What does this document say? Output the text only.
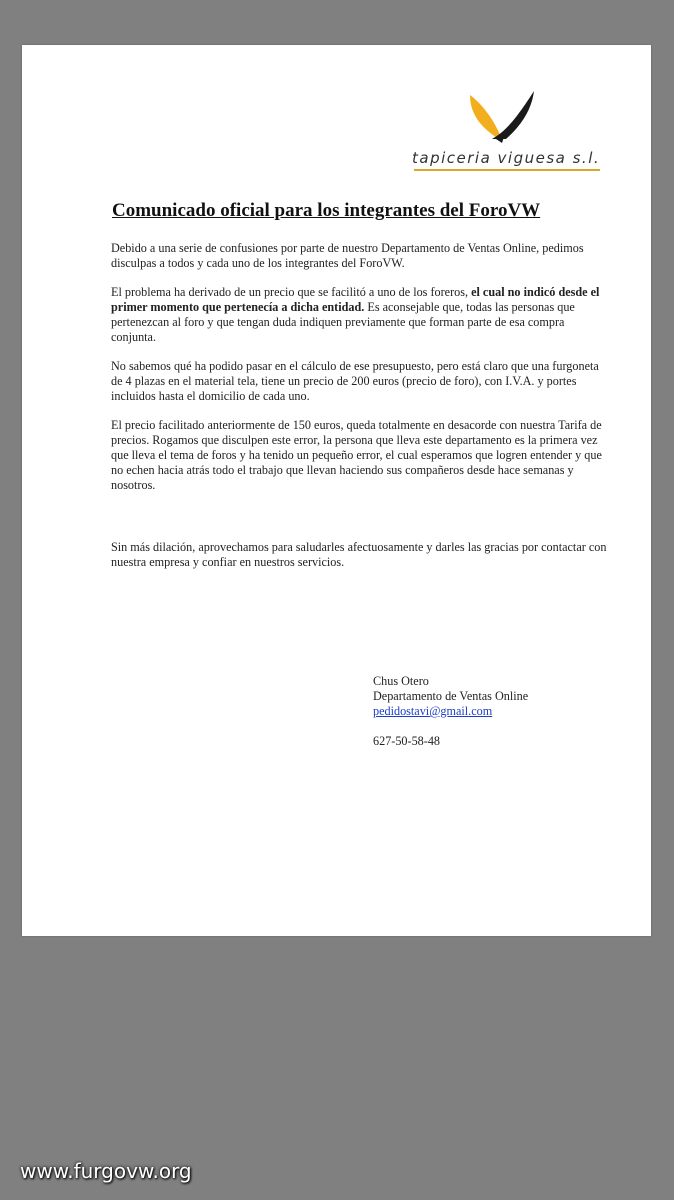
tapiceria viguesa s.l.
Comunicado oficial para los integrantes del ForoVW

Debido a una serie de confusiones por parte de nuestro Departamento de Ventas Online, pedimos disculpas a todos y cada uno de los integrantes del ForoVW.

El problema ha derivado de un precio que se facilitó a uno de los foreros, el cual no indicó desde el primer momento que pertenecía a dicha entidad. Es aconsejable que, todas las personas que pertenezcan al foro y que tengan duda indiquen previamente que forman parte de esa compra conjunta.

No sabemos qué ha podido pasar en el cálculo de ese presupuesto, pero está claro que una furgoneta de 4 plazas en el material tela, tiene un precio de 200 euros (precio de foro), con I.V.A. y portes incluidos hasta el domicilio de cada uno.

El precio facilitado anteriormente de 150 euros, queda totalmente en desacorde con nuestra Tarifa de precios. Rogamos que disculpen este error, la persona que lleva este departamento es la primera vez que lleva el tema de foros y ha tenido un pequeño error, el cual esperamos que logren entender y que no echen hacia atrás todo el trabajo que llevan haciendo sus compañeros desde hace semanas y nosotros.

Sin más dilación, aprovechamos para saludarles afectuosamente y darles las gracias por contactar con nuestra empresa y confiar en nuestros servicios.

Chus Otero
Departamento de Ventas Online
pedidostavi@gmail.com
627-50-58-48
www.furgovw.org
